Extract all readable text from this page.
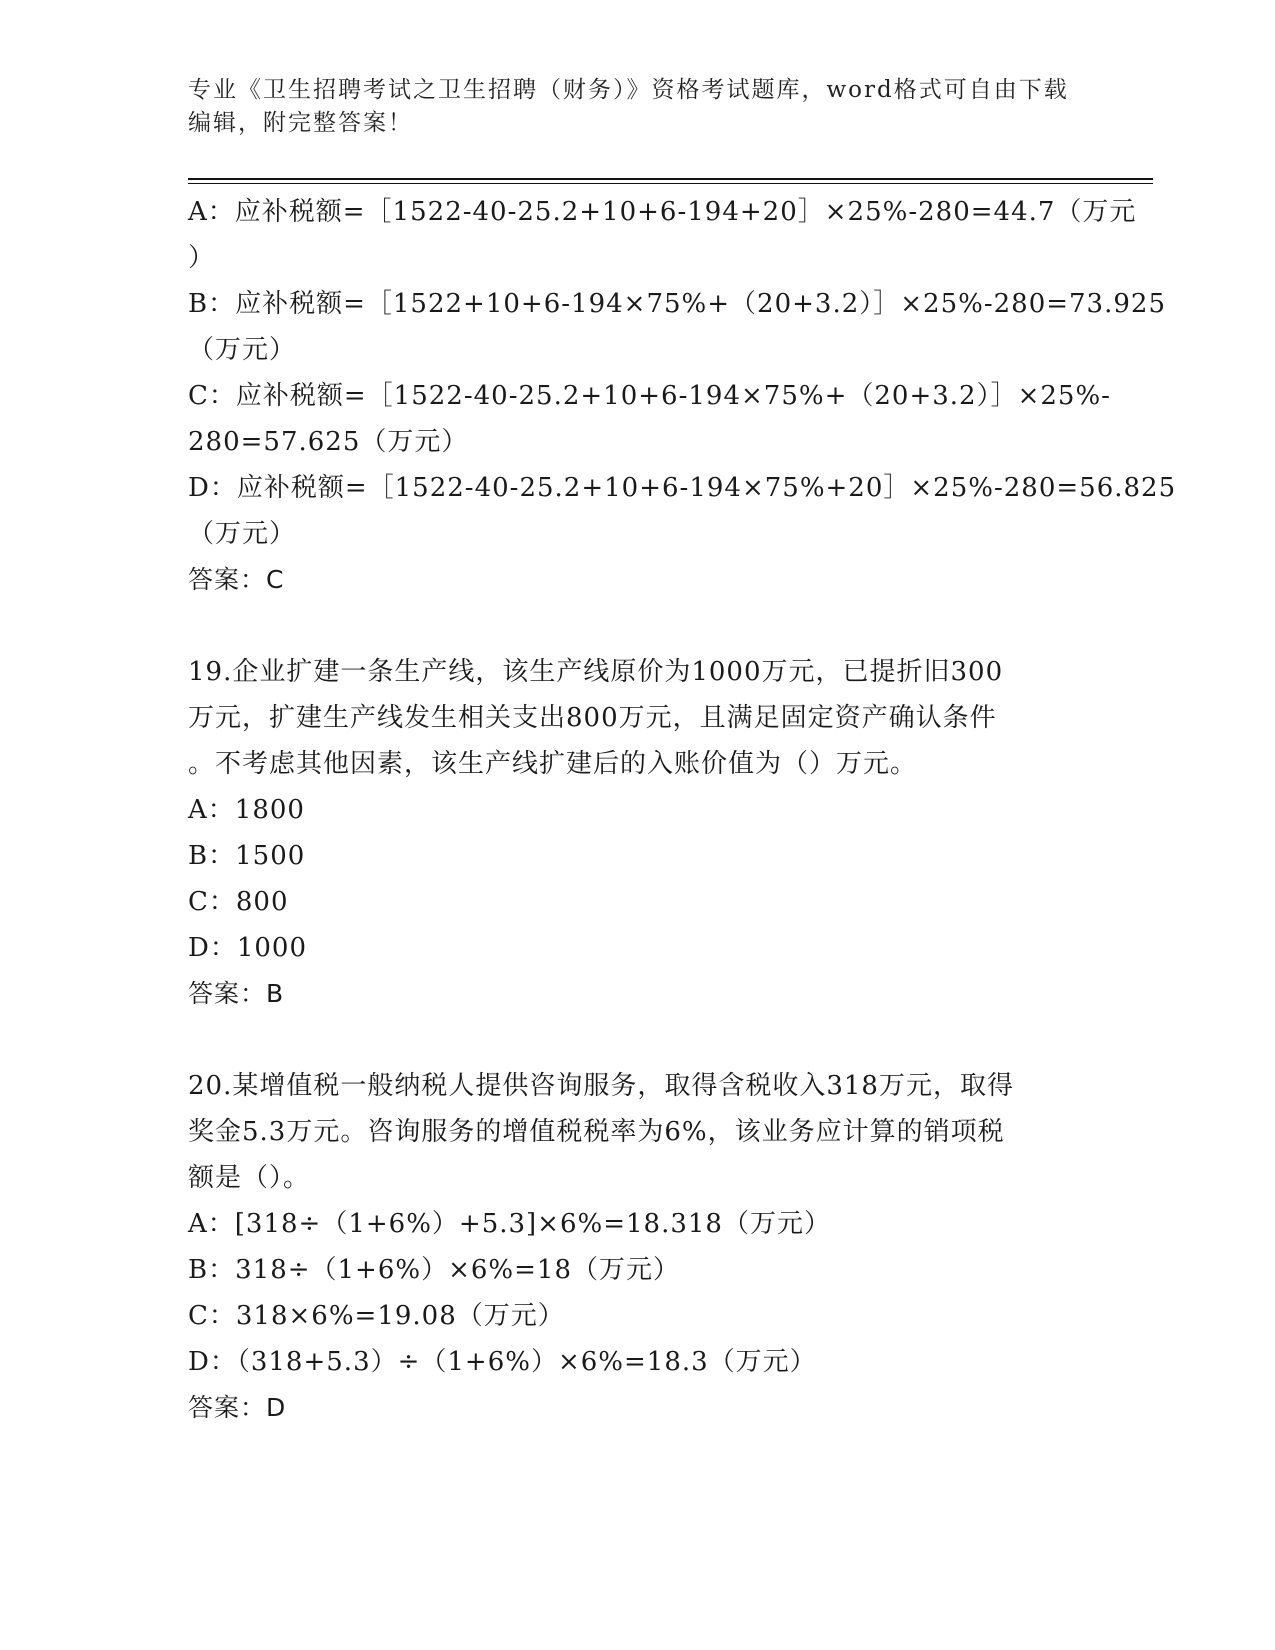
专业《卫生招聘考试之卫生招聘（财务）》资格考试题库，word格式可自由下载
编辑，附完整答案！
A：应补税额=［1522-40-25.2+10+6-194+20］×25%-280=44.7（万元
）
B：应补税额=［1522+10+6-194×75%+（20+3.2）］×25%-280=73.925
（万元）
C：应补税额=［1522-40-25.2+10+6-194×75%+（20+3.2）］×25%-
280=57.625（万元）
D：应补税额=［1522-40-25.2+10+6-194×75%+20］×25%-280=56.825
（万元）
答案：C
19.企业扩建一条生产线，该生产线原价为1000万元，已提折旧300
万元，扩建生产线发生相关支出800万元，且满足固定资产确认条件
。不考虑其他因素，该生产线扩建后的入账价值为（）万元。
A：1800
B：1500
C：800
D：1000
答案：B
20.某增值税一般纳税人提供咨询服务，取得含税收入318万元，取得
奖金5.3万元。咨询服务的增值税税率为6%，该业务应计算的销项税
额是（）。
A：[318÷（1+6%）+5.3]×6%=18.318（万元）
B：318÷（1+6%）×6%=18（万元）
C：318×6%=19.08（万元）
D：（318+5.3）÷（1+6%）×6%=18.3（万元）
答案：D
